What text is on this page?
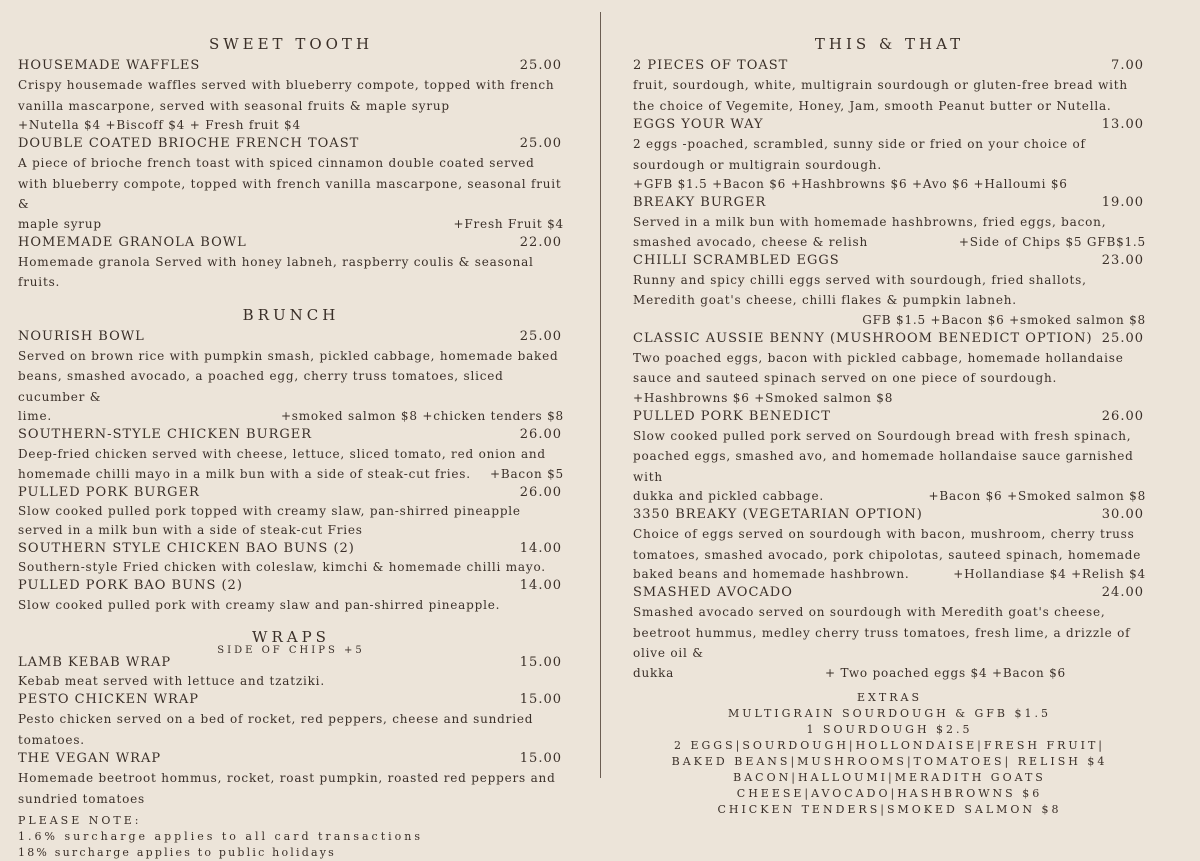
SWEET TOOTH
HOUSEMADE WAFFLES	25.00

Crispy housemade waffles served with blueberry compote, topped with french vanilla mascarpone, served with seasonal fruits & maple syrup

+Nutella $4 +Biscoff $4 + Fresh fruit $4
DOUBLE COATED BRIOCHE FRENCH TOAST	25.00

A piece of brioche french toast with spiced cinnamon double coated served with blueberry compote, topped with french vanilla mascarpone, seasonal fruit &

maple syrup	+Fresh Fruit $4
HOMEMADE GRANOLA BOWL	22.00

Homemade granola Served with honey labneh, raspberry coulis & seasonal fruits.

BRUNCH
NOURISH BOWL	25.00

Served on brown rice with pumpkin smash, pickled cabbage, homemade baked beans, smashed avocado, a poached egg, cherry truss tomatoes, sliced cucumber &

lime.	+smoked salmon $8 +chicken tenders $8
SOUTHERN-STYLE CHICKEN BURGER	26.00

Deep-fried chicken served with cheese, lettuce, sliced tomato, red onion and

homemade chilli mayo in a milk bun with a side of steak-cut fries. +Bacon $5
PULLED PORK BURGER	26.00

Slow cooked pulled pork topped with creamy slaw, pan-shirred pineapple served in a milk bun with a side of steak-cut Fries

SOUTHERN STYLE CHICKEN BAO BUNS (2)	14.00

Southern-style Fried chicken with coleslaw, kimchi & homemade chilli mayo.

PULLED PORK BAO BUNS (2)	14.00

Slow cooked pulled pork with creamy slaw and pan-shirred pineapple.

WRAPS
SIDE OF CHIPS +5
LAMB KEBAB WRAP	15.00

Kebab meat served with lettuce and tzatziki.

PESTO CHICKEN WRAP	15.00

Pesto chicken served on a bed of rocket, red peppers, cheese and sundried tomatoes.

THE VEGAN WRAP	15.00

Homemade beetroot hommus, rocket, roast pumpkin, roasted red peppers and sundried tomatoes

PLEASE NOTE:
1.6% surcharge applies to all card transactions
18% surcharge applies to public holidays
THIS & THAT
2 PIECES OF TOAST	7.00

fruit, sourdough, white, multigrain sourdough or gluten-free bread with the choice of Vegemite, Honey, Jam, smooth Peanut butter or Nutella.

EGGS YOUR WAY	13.00

2 eggs -poached, scrambled, sunny side or fried on your choice of sourdough or multigrain sourdough.

+GFB $1.5 +Bacon $6 +Hashbrowns $6 +Avo $6 +Halloumi $6
BREAKY BURGER	19.00

Served in a milk bun with homemade hashbrowns, fried eggs, bacon,

smashed avocado, cheese & relish	+Side of Chips $5 GFB$1.5
CHILLI SCRAMBLED EGGS	23.00

Runny and spicy chilli eggs served with sourdough, fried shallots, Meredith goat's cheese, chilli flakes & pumpkin labneh.

GFB $1.5 +Bacon $6 +smoked salmon $8
CLASSIC AUSSIE BENNY (MUSHROOM BENEDICT OPTION) 25.00

Two poached eggs, bacon with pickled cabbage, homemade hollandaise sauce and sauteed spinach served on one piece of sourdough.

+Hashbrowns $6 +Smoked salmon $8
PULLED PORK BENEDICT	26.00

Slow cooked pulled pork served on Sourdough bread with fresh spinach, poached eggs, smashed avo, and homemade hollandaise sauce garnished with

dukka and pickled cabbage.	+Bacon $6 +Smoked salmon $8
3350 BREAKY (VEGETARIAN OPTION)	30.00

Choice of eggs served on sourdough with bacon, mushroom, cherry truss tomatoes, smashed avocado, pork chipolotas, sauteed spinach, homemade

baked beans and homemade hashbrown.	+Hollandiase $4 +Relish $4
SMASHED AVOCADO	24.00

Smashed avocado served on sourdough with Meredith goat's cheese, beetroot hummus, medley cherry truss tomatoes, fresh lime, a drizzle of olive oil &

dukka	+ Two poached eggs $4 +Bacon $6
EXTRAS
MULTIGRAIN SOURDOUGH & GFB $1.5
1 SOURDOUGH $2.5
2 EGGS|SOURDOUGH|HOLLONDAISE|FRESH FRUIT|
BAKED BEANS|MUSHROOMS|TOMATOES| RELISH $4
BACON|HALLOUMI|MERADITH GOATS
CHEESE|AVOCADO|HASHBROWNS $6
CHICKEN TENDERS|SMOKED SALMON $8
